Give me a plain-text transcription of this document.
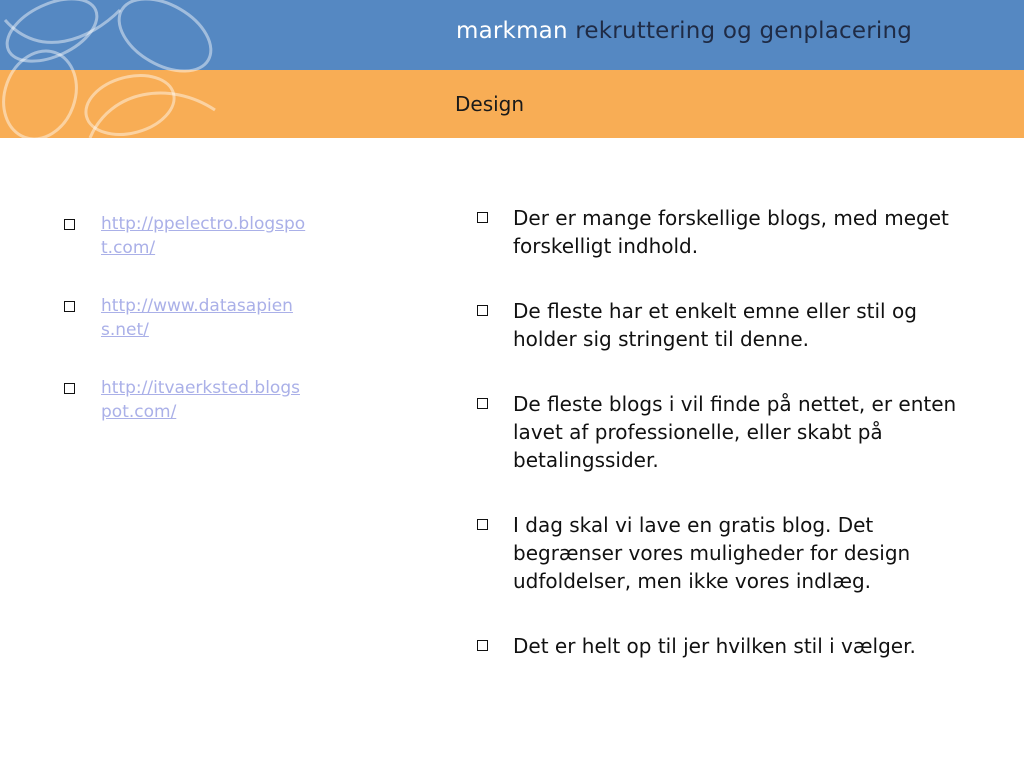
markman rekruttering og genplacering
Design
http://ppelectro.blogspot.com/
http://www.datasapiens.net/
http://itvaerksted.blogspot.com/
Der er mange forskellige blogs, med meget forskelligt indhold.
De fleste har et enkelt emne eller stil og holder sig stringent til denne.
De fleste blogs i vil finde på nettet, er enten lavet af professionelle, eller skabt på betalingssider.
I dag skal vi lave en gratis blog. Det begrænser vores muligheder for design udfoldelser, men ikke vores indlæg.
Det er helt op til jer hvilken stil i vælger.
